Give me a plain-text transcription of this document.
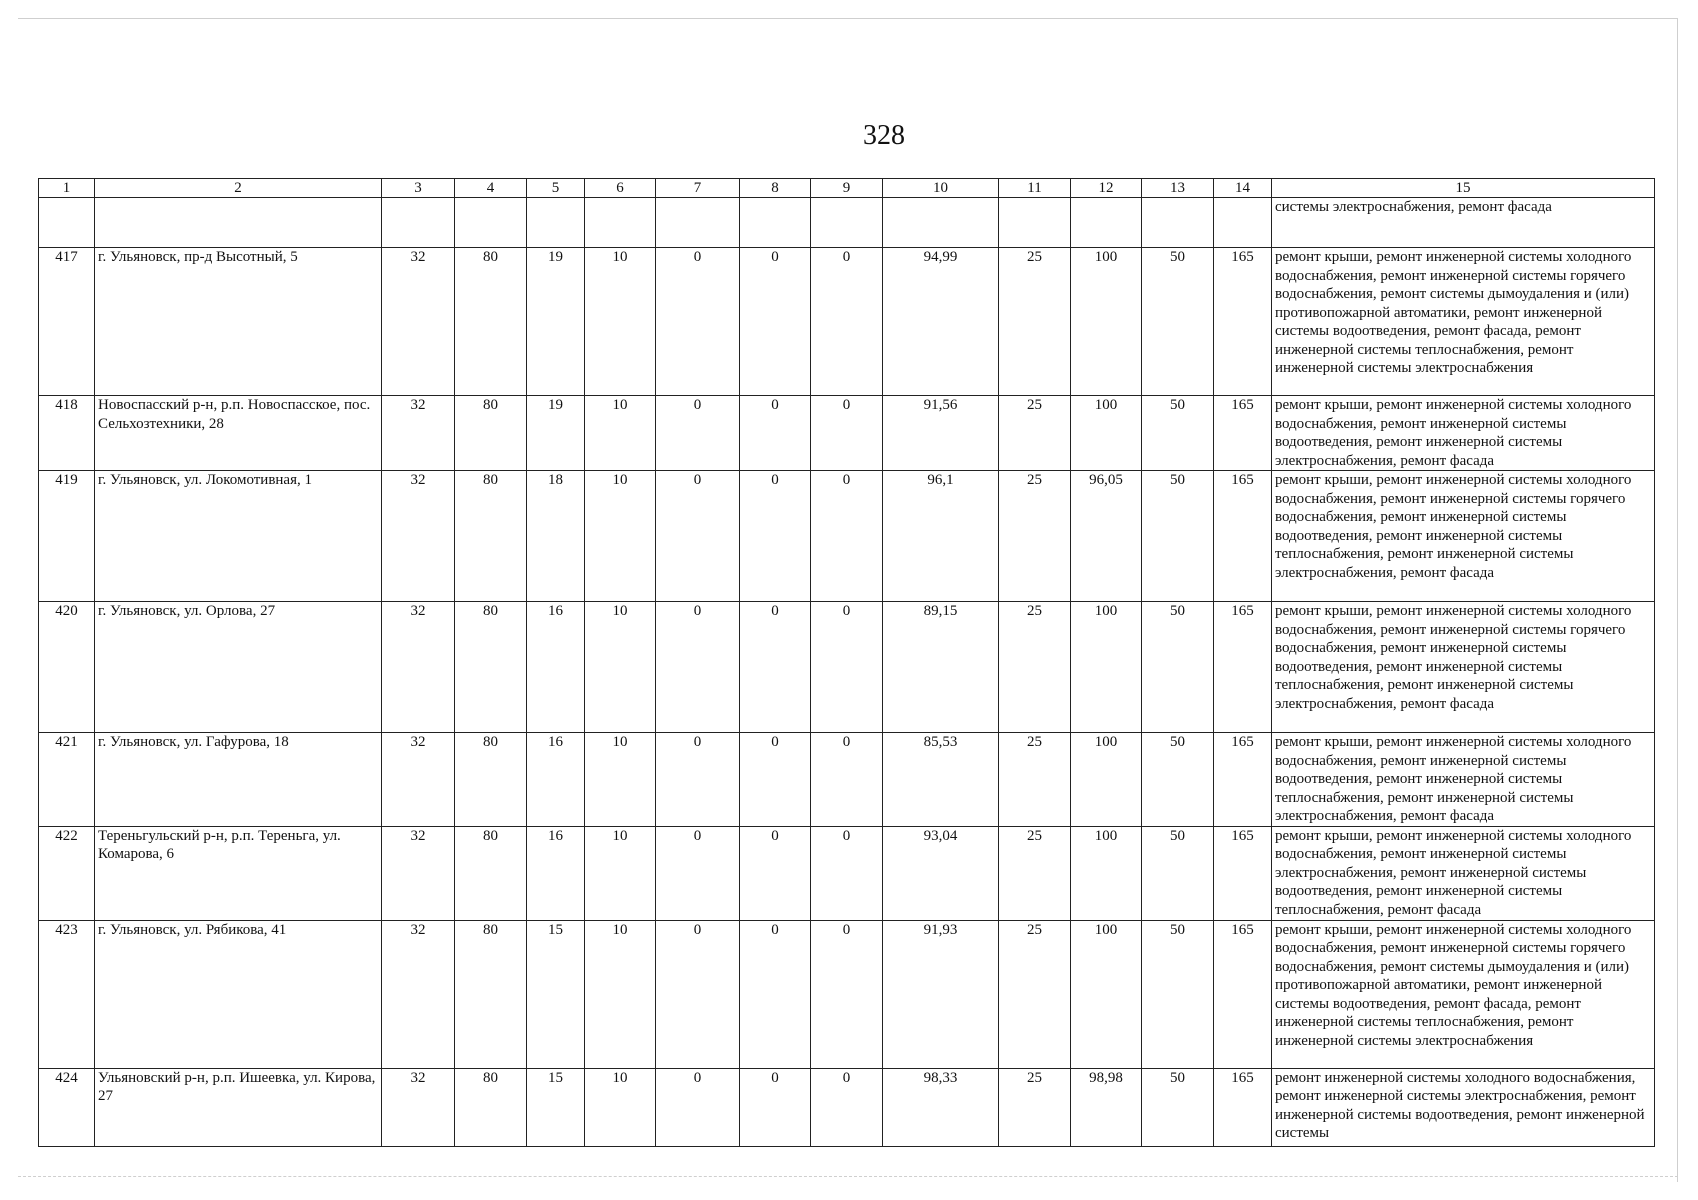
328
1	2	3	4	5	6	7	8	9	10	11	12	13	14	15
														системы электроснабжения, ремонт фасада
417	г. Ульяновск, пр-д Высотный, 5	32	80	19	10	0	0	0	94,99	25	100	50	165	ремонт крыши, ремонт инженерной системы холодного водоснабжения, ремонт инженерной системы горячего водоснабжения, ремонт системы дымоудаления и (или) противопожарной автоматики, ремонт инженерной системы водоотведения, ремонт фасада, ремонт инженерной системы теплоснабжения, ремонт инженерной системы электроснабжения
418	Новоспасский р-н, р.п. Новоспасское, пос. Сельхозтехники, 28	32	80	19	10	0	0	0	91,56	25	100	50	165	ремонт крыши, ремонт инженерной системы холодного водоснабжения, ремонт инженерной системы водоотведения, ремонт инженерной системы электроснабжения, ремонт фасада
419	г. Ульяновск, ул. Локомотивная, 1	32	80	18	10	0	0	0	96,1	25	96,05	50	165	ремонт крыши, ремонт инженерной системы холодного водоснабжения, ремонт инженерной системы горячего водоснабжения, ремонт инженерной системы водоотведения, ремонт инженерной системы теплоснабжения, ремонт инженерной системы электроснабжения, ремонт фасада
420	г. Ульяновск, ул. Орлова, 27	32	80	16	10	0	0	0	89,15	25	100	50	165	ремонт крыши, ремонт инженерной системы холодного водоснабжения, ремонт инженерной системы горячего водоснабжения, ремонт инженерной системы водоотведения, ремонт инженерной системы теплоснабжения, ремонт инженерной системы электроснабжения, ремонт фасада
421	г. Ульяновск, ул. Гафурова, 18	32	80	16	10	0	0	0	85,53	25	100	50	165	ремонт крыши, ремонт инженерной системы холодного водоснабжения, ремонт инженерной системы водоотведения, ремонт инженерной системы теплоснабжения, ремонт инженерной системы электроснабжения, ремонт фасада
422	Тереньгульский р-н, р.п. Тереньга, ул. Комарова, 6	32	80	16	10	0	0	0	93,04	25	100	50	165	ремонт крыши, ремонт инженерной системы холодного водоснабжения, ремонт инженерной системы электроснабжения, ремонт инженерной системы водоотведения, ремонт инженерной системы теплоснабжения, ремонт фасада
423	г. Ульяновск, ул. Рябикова, 41	32	80	15	10	0	0	0	91,93	25	100	50	165	ремонт крыши, ремонт инженерной системы холодного водоснабжения, ремонт инженерной системы горячего водоснабжения, ремонт системы дымоудаления и (или) противопожарной автоматики, ремонт инженерной системы водоотведения, ремонт фасада, ремонт инженерной системы теплоснабжения, ремонт инженерной системы электроснабжения
424	Ульяновский р-н, р.п. Ишеевка, ул. Кирова, 27	32	80	15	10	0	0	0	98,33	25	98,98	50	165	ремонт инженерной системы холодного водоснабжения, ремонт инженерной системы электроснабжения, ремонт инженерной системы водоотведения, ремонт инженерной системы
